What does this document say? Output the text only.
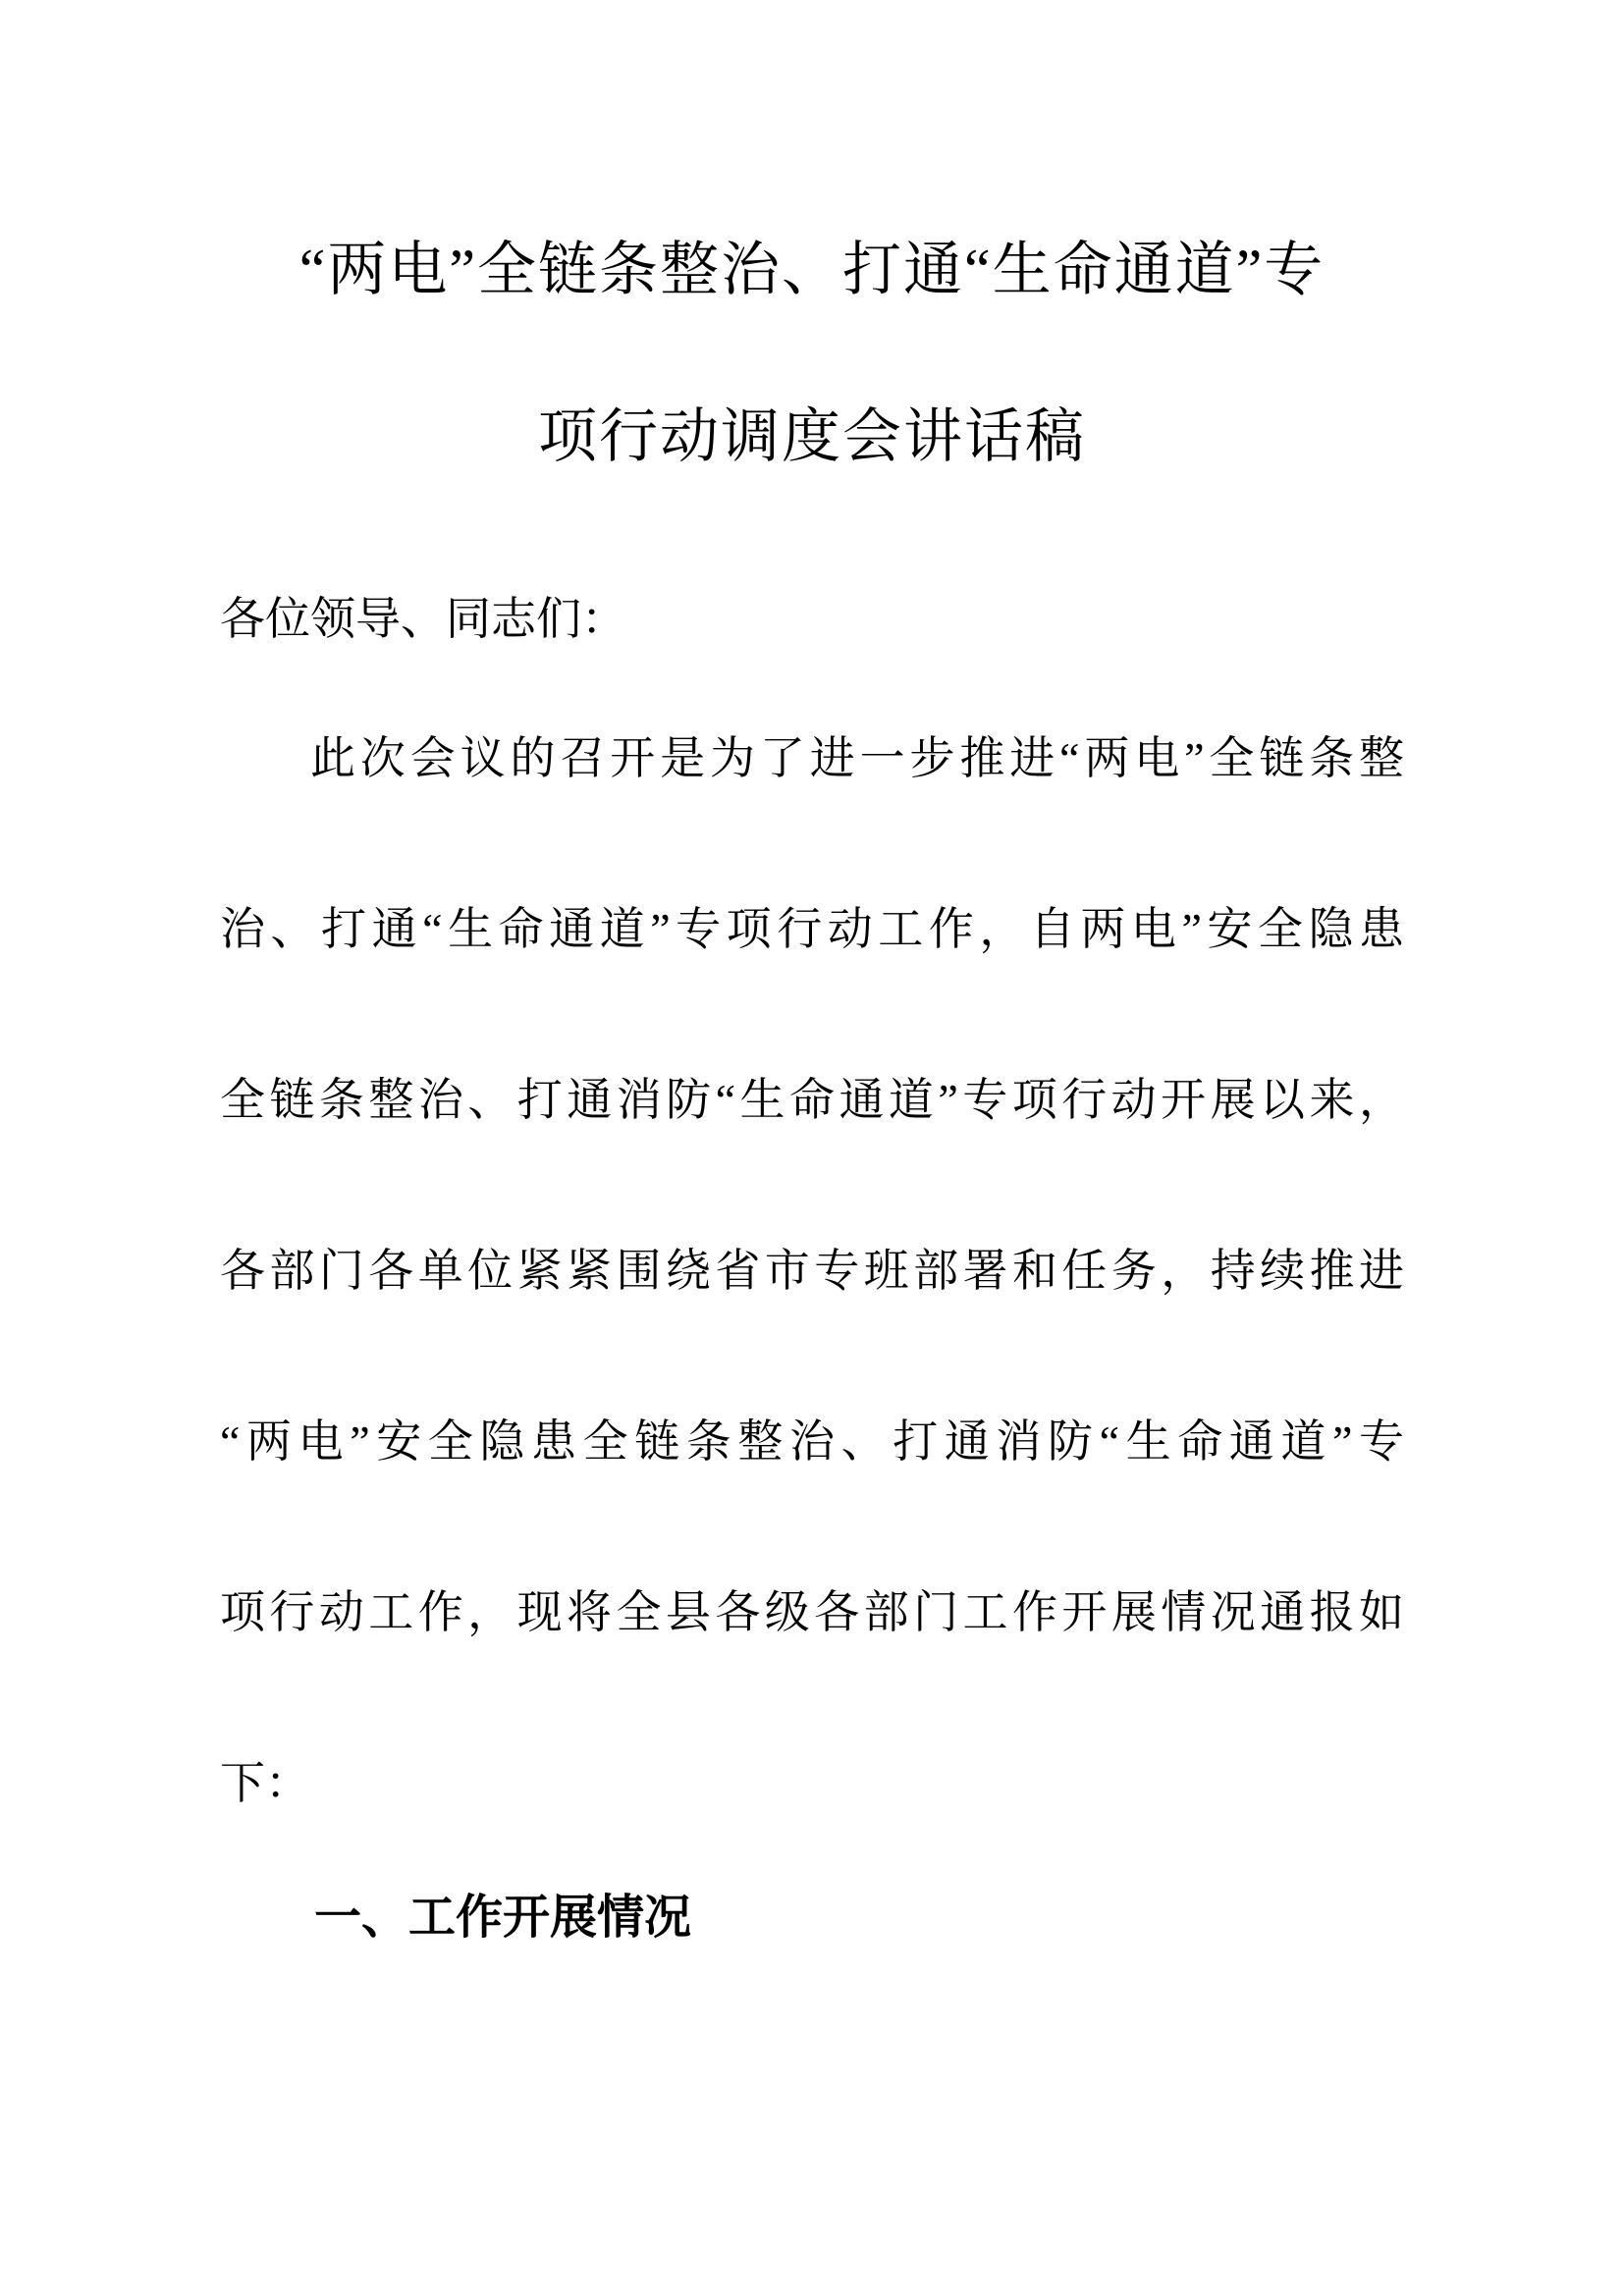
“两电”全链条整治、打通“生命通道”专
项行动调度会讲话稿
各位领导、同志们：
此次会议的召开是为了进一步推进“两电”全链条整
治、打通“生命通道”专项行动工作，自两电”安全隐患
全链条整治、打通消防“生命通道”专项行动开展以来，
各部门各单位紧紧围绕省市专班部署和任务，持续推进
“两电”安全隐患全链条整治、打通消防“生命通道”专
项行动工作，现将全县各级各部门工作开展情况通报如
下：
一、工作开展情况
